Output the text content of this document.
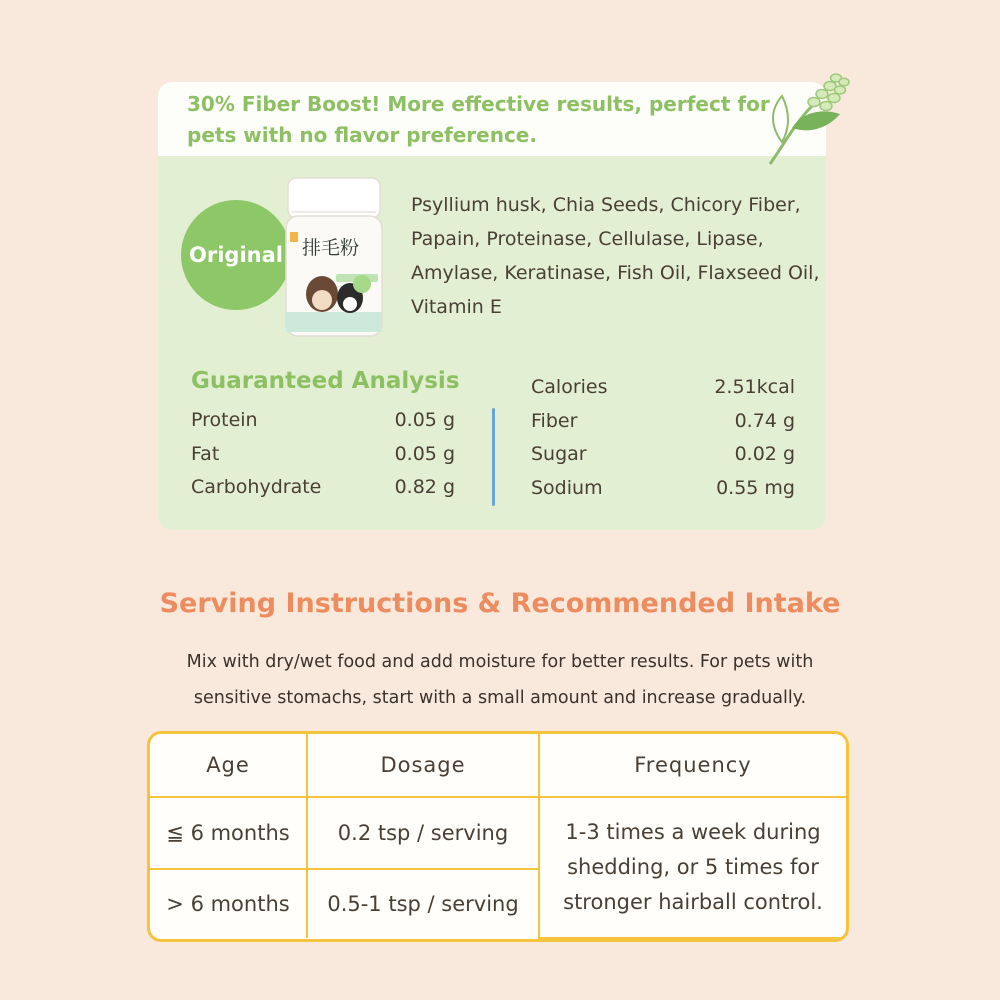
30% Fiber Boost! More effective results, perfect for pets with no flavor preference.

Original 排毛粉

Psyllium husk, Chia Seeds, Chicory Fiber, Papain, Proteinase, Cellulase, Lipase, Amylase, Keratinase, Fish Oil, Flaxseed Oil, Vitamin E

Guaranteed Analysis
Protein	0.05 g
Fat	0.05 g
Carbohydrate	0.82 g
Calories	2.51kcal
Fiber	0.74 g
Sugar	0.02 g
Sodium	0.55 mg
Serving Instructions & Recommended Intake

Mix with dry/wet food and add moisture for better results. For pets with
sensitive stomachs, start with a small amount and increase gradually.

Age	Dosage	Frequency
≦ 6 months	0.2 tsp / serving	1-3 times a week during shedding, or 5 times for stronger hairball control.
> 6 months	0.5-1 tsp / serving	
